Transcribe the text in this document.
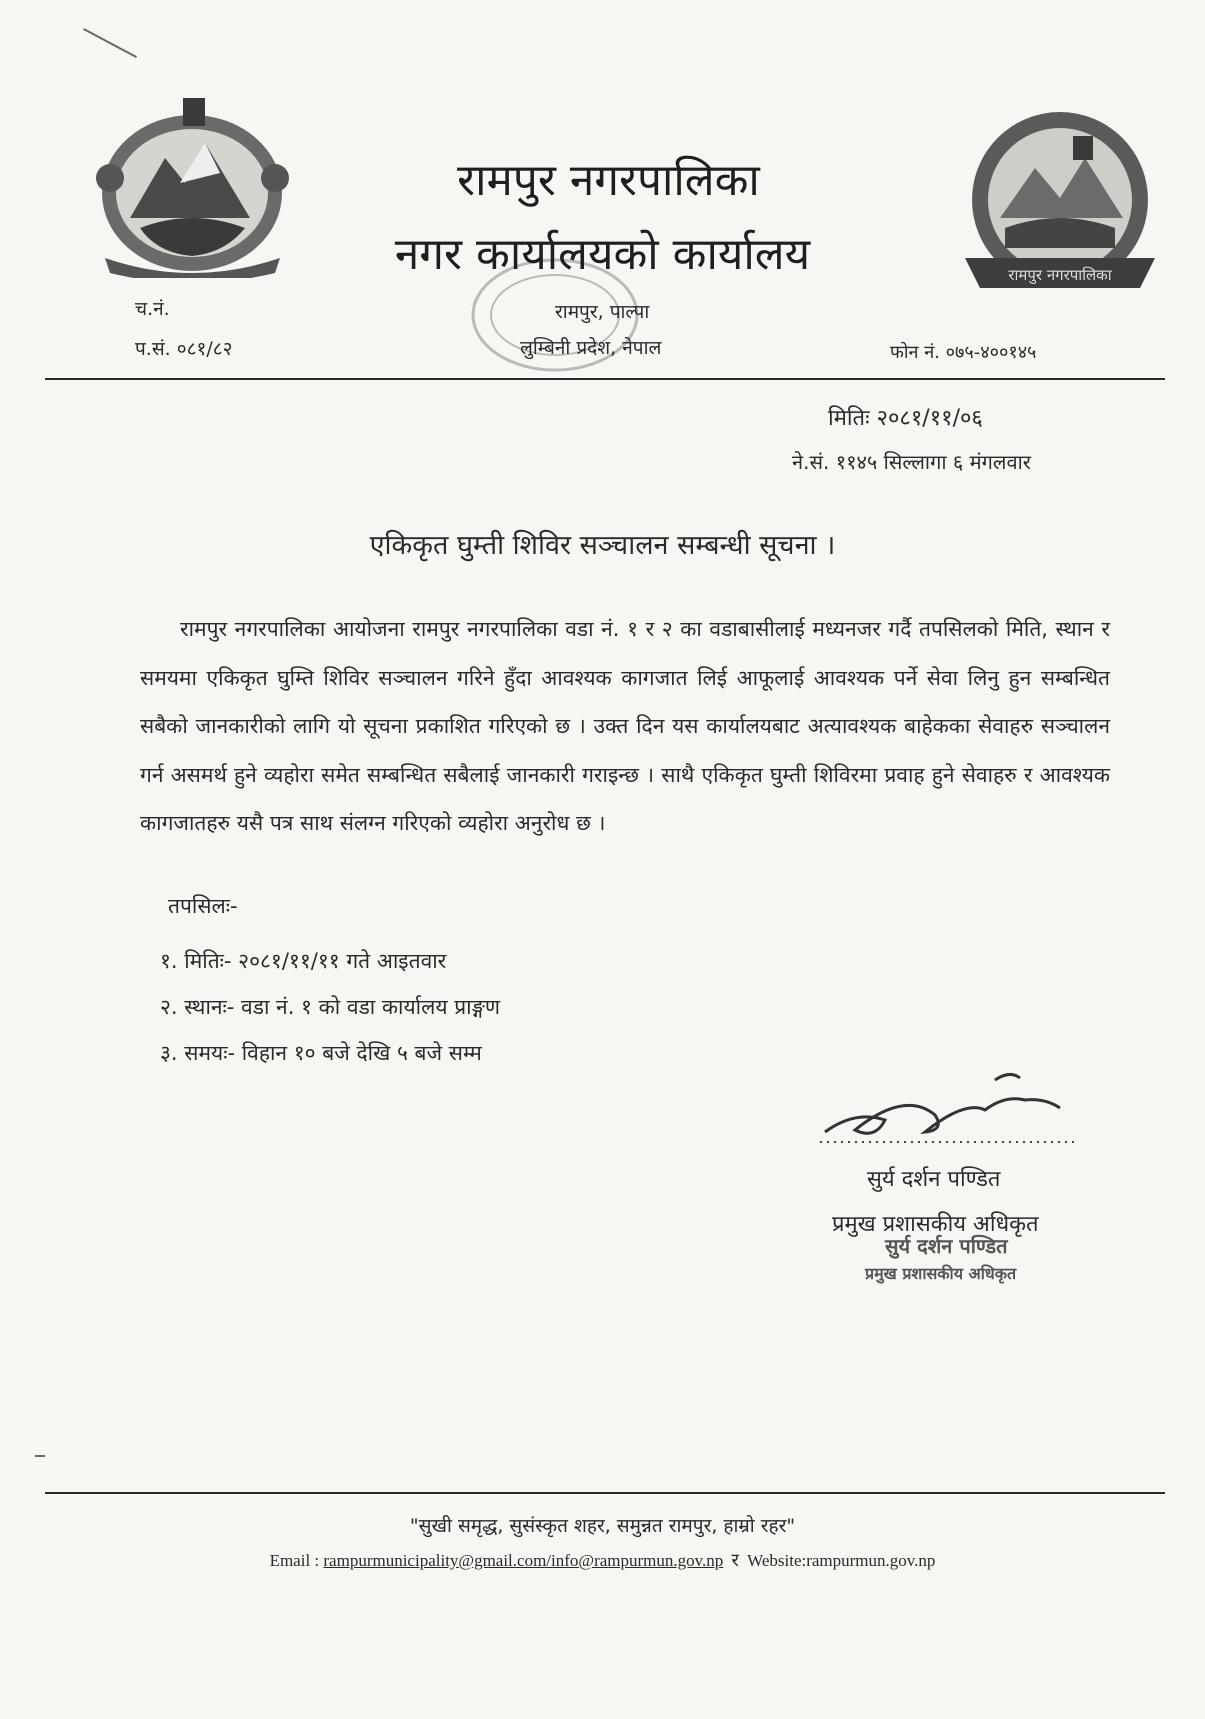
रामपुर नगरपालिका
रामपुर नगरपालिका
नगर कार्यालयको कार्यालय
रामपुर, पाल्पा
लुम्बिनी प्रदेश, नेपाल
च.नं.
प.सं. ०८१/८२	फोन नं. ०७५-४००१४५
मितिः २०८१/११/०६
ने.सं. ११४५ सिल्लागा ६ मंगलवार
एकिकृत घुम्ती शिविर सञ्चालन सम्बन्धी सूचना ।
रामपुर नगरपालिका आयोजना रामपुर नगरपालिका वडा नं. १ र २ का वडाबासीलाई मध्यनजर गर्दै तपसिलको मिति, स्थान र समयमा एकिकृत घुम्ति शिविर सञ्चालन गरिने हुँदा आवश्यक कागजात लिई आफूलाई आवश्यक पर्ने सेवा लिनु हुन सम्बन्धित सबैको जानकारीको लागि यो सूचना प्रकाशित गरिएको छ । उक्त दिन यस कार्यालयबाट अत्यावश्यक बाहेकका सेवाहरु सञ्चालन गर्न असमर्थ हुने व्यहोरा समेत सम्बन्धित सबैलाई जानकारी गराइन्छ । साथै एकिकृत घुम्ती शिविरमा प्रवाह हुने सेवाहरु र आवश्यक कागजातहरु यसै पत्र साथ संलग्न गरिएको व्यहोरा अनुरोध छ ।
तपसिलः-
१. मितिः- २०८१/११/११ गते आइतवार
२. स्थानः- वडा नं. १ को वडा कार्यालय प्राङ्गण
३. समयः- विहान १० बजे देखि ५ बजे सम्म
सुर्य दर्शन पण्डित
प्रमुख प्रशासकीय अधिकृत
सुर्य दर्शन पण्डित
प्रमुख प्रशासकीय अधिकृत
"सुखी समृद्ध, सुसंस्कृत शहर, समुन्नत रामपुर, हाम्रो रहर"
Email : rampurmunicipality@gmail.com/info@rampurmun.gov.np र Website:rampurmun.gov.np
